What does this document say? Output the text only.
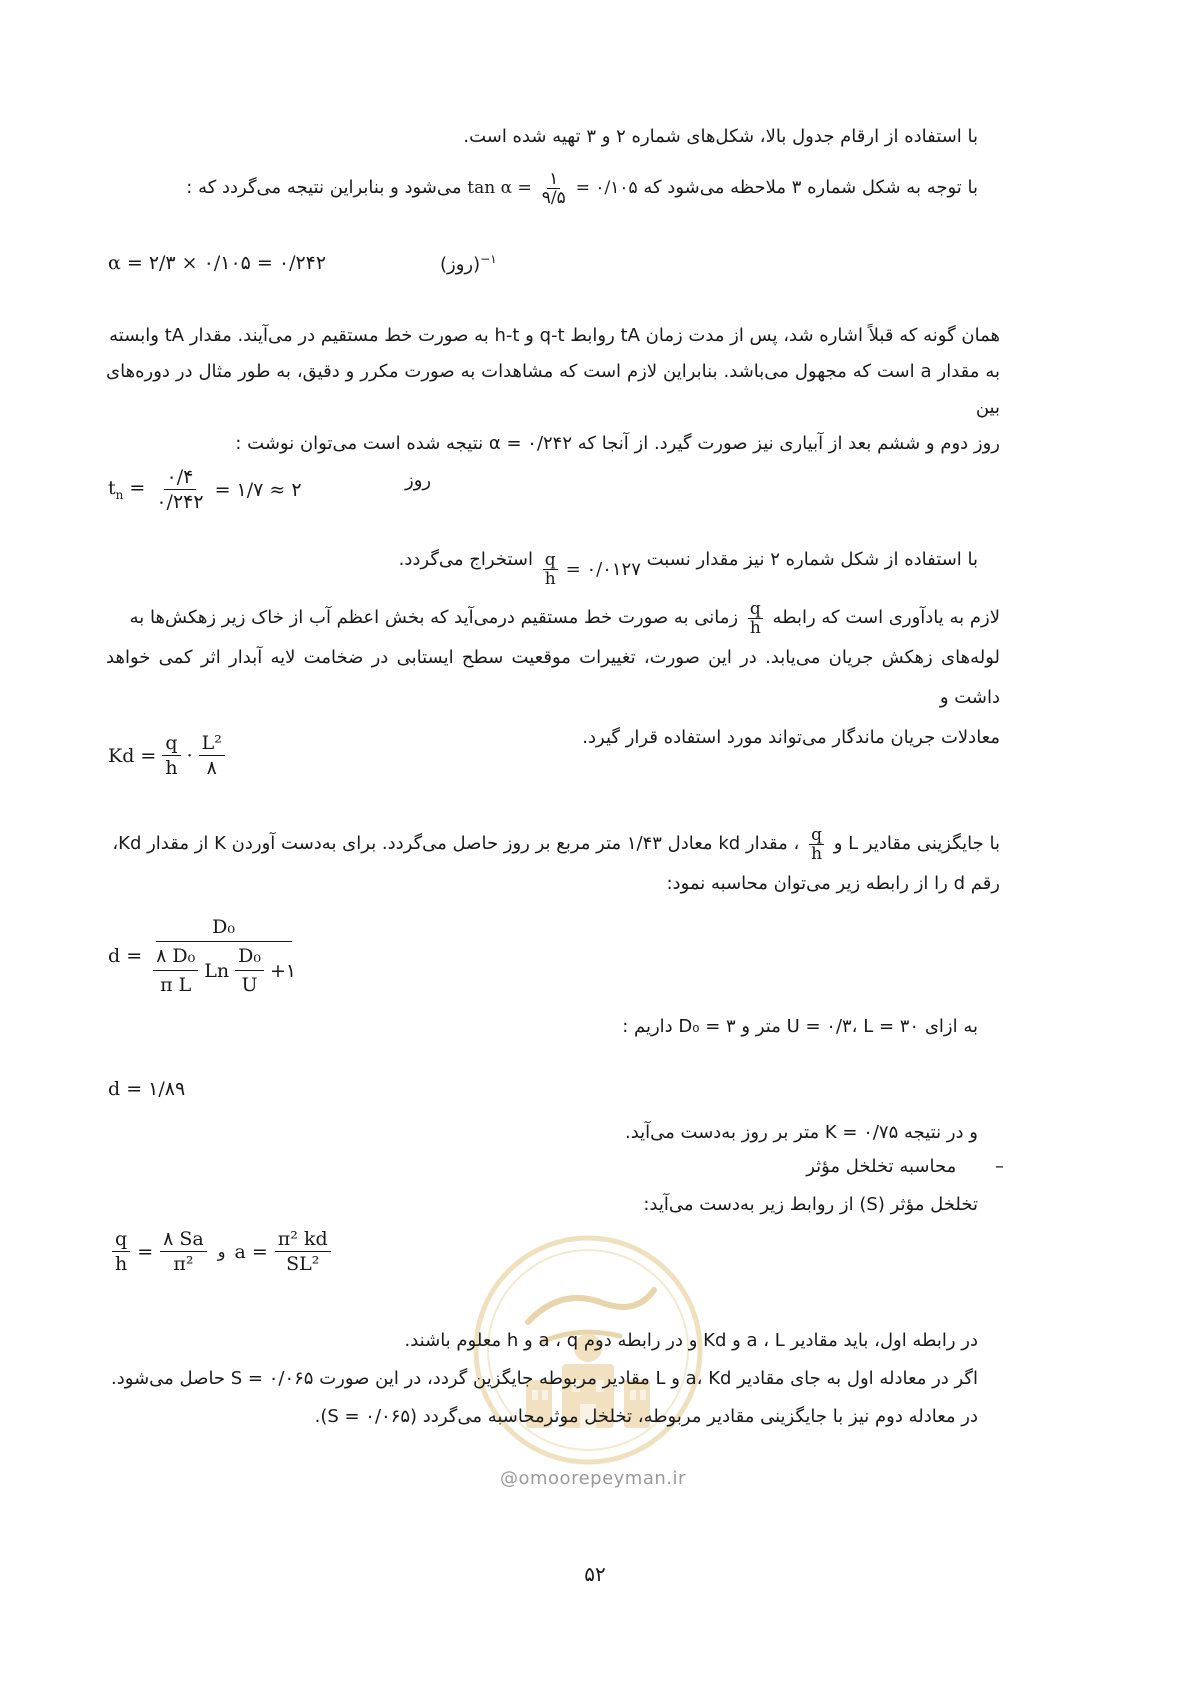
با استفاده از ارقام جدول بالا، شکل‌های شماره ۲ و ۳ تهیه شده است.
با توجه به شکل شماره ۳ ملاحظه می‌شود که
$\tan \alpha = \frac{۱}{۹/۵}$ = ۰/۱۰۵
می‌شود و بنابراین نتیجه می‌گردد که :
α = ۲/۳ × ۰/۱۰۵ = ۰/۲۴۲	(روز)$^{-۱}$
همان گونه که قبلاً اشاره شد، پس از مدت زمان tA روابط q-t و h-t به صورت خط مستقیم در می‌آیند. مقدار tA وابسته
به مقدار a است که مجهول می‌باشد. بنابراین لازم است که مشاهدات به صورت مکرر و دقیق، به طور مثال در دوره‌های بین
روز دوم و ششم بعد از آبیاری نیز صورت گیرد. از آنجا که α = ۰/۲۴۲ نتیجه شده است می‌توان نوشت :
$t_n = \frac{۰/۴}{۰/۲۴۲}$ = ۱/۷ ≈ ۲	روز
با استفاده از شکل شماره ۲ نیز مقدار نسبت
$\frac{q}{h}$ = ۰/۰۱۲۷
استخراج می‌گردد.
لازم به یادآوری است که رابطه
$\frac{q}{h}$
زمانی به صورت خط مستقیم درمی‌آید که بخش اعظم آب از خاک زیر زهکش‌ها به
لوله‌های زهکش جریان می‌یابد. در این صورت، تغییرات موقعیت سطح ایستابی در ضخامت لایه آبدار اثر کمی خواهد داشت و
معادلات جریان ماندگار می‌تواند مورد استفاده قرار گیرد.
$Kd = \frac{q}{h} \cdot \frac{\text{L²}}{۸}$
با جایگزینی مقادیر L و
$\frac{q}{h}$
، مقدار kd معادل ۱/۴۳ متر مربع بر روز حاصل می‌گردد. برای به‌دست آوردن K از مقدار Kd،
رقم d را از رابطه زیر می‌توان محاسبه نمود:
d =
D₀
$\frac{\text{۸ D₀}}{\text{π L}}$ Ln $\frac{\text{D₀}}{U}$ +۱
به ازای U = ۰/۳، L = ۳۰ متر و D₀ = ۳ داریم :
d = ۱/۸۹
و در نتیجه K = ۰/۷۵ متر بر روز به‌دست می‌آید.
– محاسبه تخلخل مؤثر
تخلخل مؤثر (S) از روابط زیر به‌دست می‌آید:
$\frac{q}{h} = \frac{۸ Sa}{\text{π²}}$ و $a = \frac{\text{π² kd}}{\text{SL²}}$
@omoorepeyman.ir
در رابطه اول، باید مقادیر a ، L و Kd و در رابطه دوم a ، q و h معلوم باشند.
اگر در معادله اول به جای مقادیر a، Kd و L مقادیر مربوطه جایگزین گردد، در این صورت S = ۰/۰۶۵ حاصل می‌شود.
در معادله دوم نیز با جایگزینی مقادیر مربوطه، تخلخل موثرمحاسبه می‌گردد (S = ۰/۰۶۵).
۵۲
